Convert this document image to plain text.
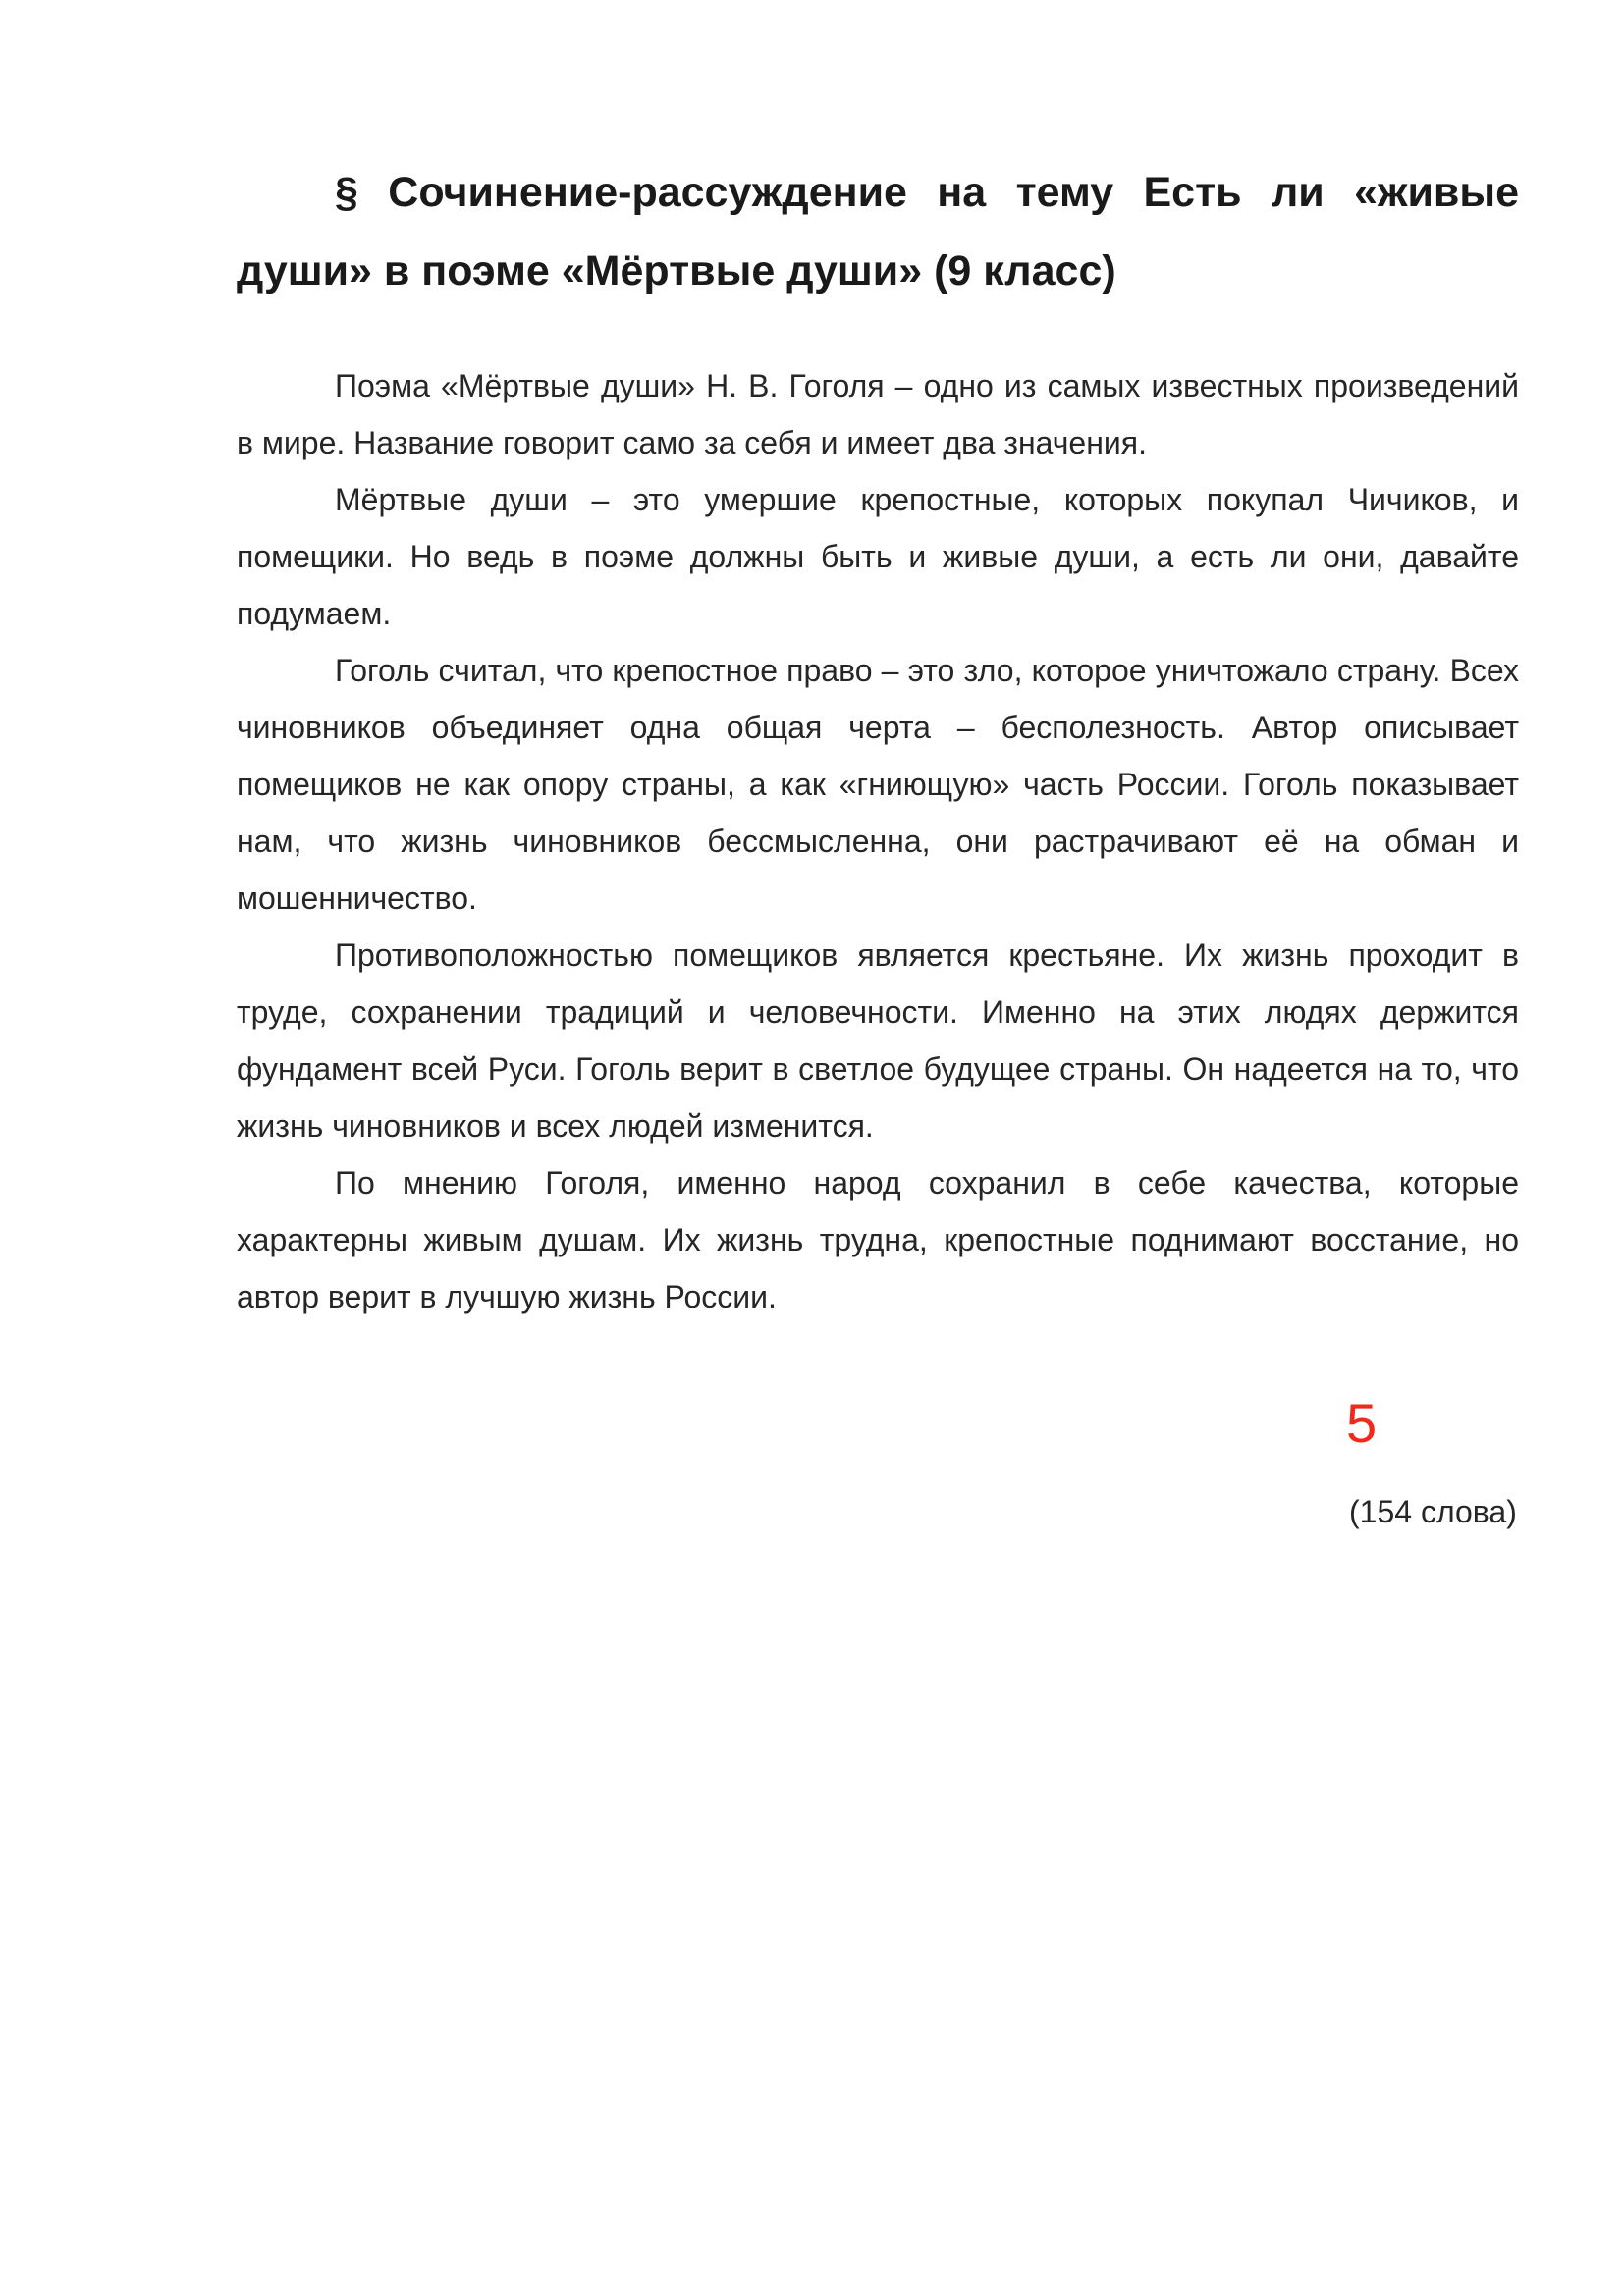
§ Сочинение-рассуждение на тему Есть ли «живые души» в поэме «Мёртвые души» (9 класс)

Поэма «Мёртвые души» Н. В. Гоголя – одно из самых известных произведений в мире. Название говорит само за себя и имеет два значения.

Мёртвые души – это умершие крепостные, которых покупал Чичиков, и помещики. Но ведь в поэме должны быть и живые души, а есть ли они, давайте подумаем.

Гоголь считал, что крепостное право – это зло, которое уничтожало страну. Всех чиновников объединяет одна общая черта – бесполезность. Автор описывает помещиков не как опору страны, а как «гниющую» часть России. Гоголь показывает нам, что жизнь чиновников бессмысленна, они растрачивают её на обман и мошенничество.

Противоположностью помещиков является крестьяне. Их жизнь проходит в труде, сохранении традиций и человечности. Именно на этих людях держится фундамент всей Руси. Гоголь верит в светлое будущее страны. Он надеется на то, что жизнь чиновников и всех людей изменится.

По мнению Гоголя, именно народ сохранил в себе качества, которые характерны живым душам. Их жизнь трудна, крепостные поднимают восстание, но автор верит в лучшую жизнь России.

5
(154 слова)
